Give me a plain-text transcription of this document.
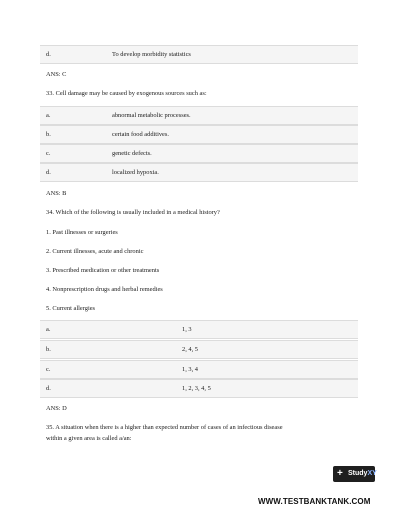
d.	To develop morbidity statistics
ANS: C
33. Cell damage may be caused by exogenous sources such as:
a.	abnormal metabolic processes.
b.	certain food additives.
c.	genetic defects.
d.	localized hypoxia.
ANS: B
34. Which of the following is usually included in a medical history?
1. Past illnesses or surgeries
2. Current illnesses, acute and chronic
3. Prescribed medication or other treatments
4. Nonprescription drugs and herbal remedies
5. Current allergies
a.	1, 3
b.	2, 4, 5
c.	1, 3, 4
d.	1, 2, 3, 4, 5
ANS: D
35. A situation when there is a higher than expected number of cases of an infectious disease
within a given area is called a/an:
+ StudyXY
WWW.TESTBANKTANK.COM
